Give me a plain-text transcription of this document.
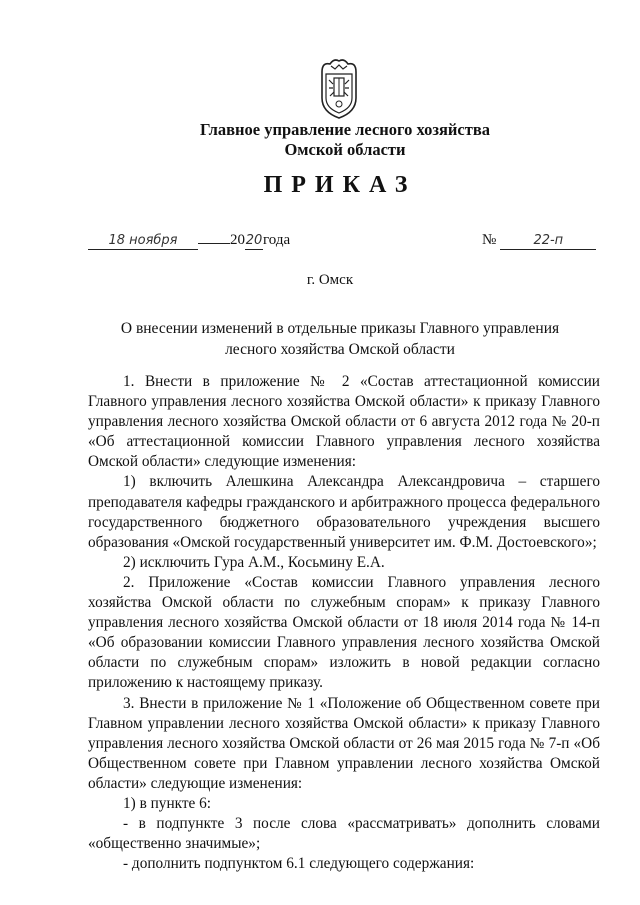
Главное управление лесного хозяйства
Омской области
ПРИКАЗ
18 ноября	2020года	№	22-п
г. Омск
О внесении изменений в отдельные приказы Главного управления
лесного хозяйства Омской области

1. Внести в приложение № 2 «Состав аттестационной комиссии Главного управления лесного хозяйства Омской области» к приказу Главного управления лесного хозяйства Омской области от 6 августа 2012 года № 20-п «Об аттестационной комиссии Главного управления лесного хозяйства Омской области» следующие изменения:

1) включить Алешкина Александра Александровича – старшего преподавателя кафедры гражданского и арбитражного процесса федерального государственного бюджетного образовательного учреждения высшего образования «Омской государственный университет им. Ф.М. Достоевского»;

2) исключить Гура А.М., Косьмину Е.А.

2. Приложение «Состав комиссии Главного управления лесного хозяйства Омской области по служебным спорам» к приказу Главного управления лесного хозяйства Омской области от 18 июля 2014 года № 14-п «Об образовании комиссии Главного управления лесного хозяйства Омской области по служебным спорам» изложить в новой редакции согласно приложению к настоящему приказу.

3. Внести в приложение № 1 «Положение об Общественном совете при Главном управлении лесного хозяйства Омской области» к приказу Главного управления лесного хозяйства Омской области от 26 мая 2015 года № 7-п «Об Общественном совете при Главном управлении лесного хозяйства Омской области» следующие изменения:

1) в пункте 6:

- в подпункте 3 после слова «рассматривать» дополнить словами «общественно значимые»;

- дополнить подпунктом 6.1 следующего содержания:
